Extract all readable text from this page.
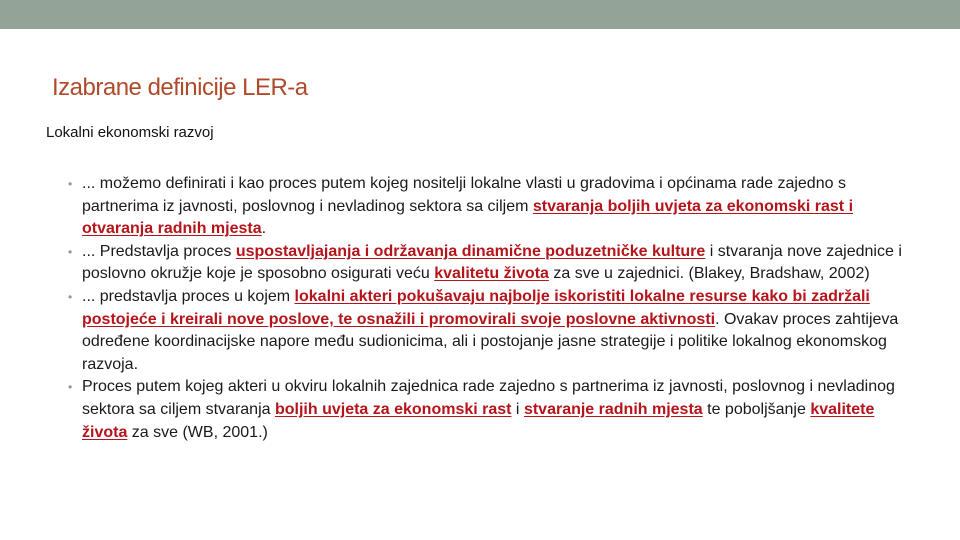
Izabrane definicije LER-a
Lokalni ekonomski razvoj
• ... možemo definirati i kao proces putem kojeg nositelji lokalne vlasti u gradovima i općinama rade zajedno s partnerima iz javnosti, poslovnog i nevladinog sektora sa ciljem stvaranja boljih uvjeta za ekonomski rast i otvaranja radnih mjesta.
• ... Predstavlja proces uspostavljajanja i održavanja dinamične poduzetničke kulture i stvaranja nove zajednice i poslovno okružje koje je sposobno osigurati veću kvalitetu života za sve u zajednici. (Blakey, Bradshaw, 2002)
• ... predstavlja proces u kojem lokalni akteri pokušavaju najbolje iskoristiti lokalne resurse kako bi zadržali postojeće i kreirali nove poslove, te osnažili i promovirali svoje poslovne aktivnosti. Ovakav proces zahtijeva određene koordinacijske napore među sudionicima, ali i postojanje jasne strategije i politike lokalnog ekonomskog razvoja.
• Proces putem kojeg akteri u okviru lokalnih zajednica rade zajedno s partnerima iz javnosti, poslovnog i nevladinog sektora sa ciljem stvaranja boljih uvjeta za ekonomski rast i stvaranje radnih mjesta te poboljšanje kvalitete života za sve (WB, 2001.)
